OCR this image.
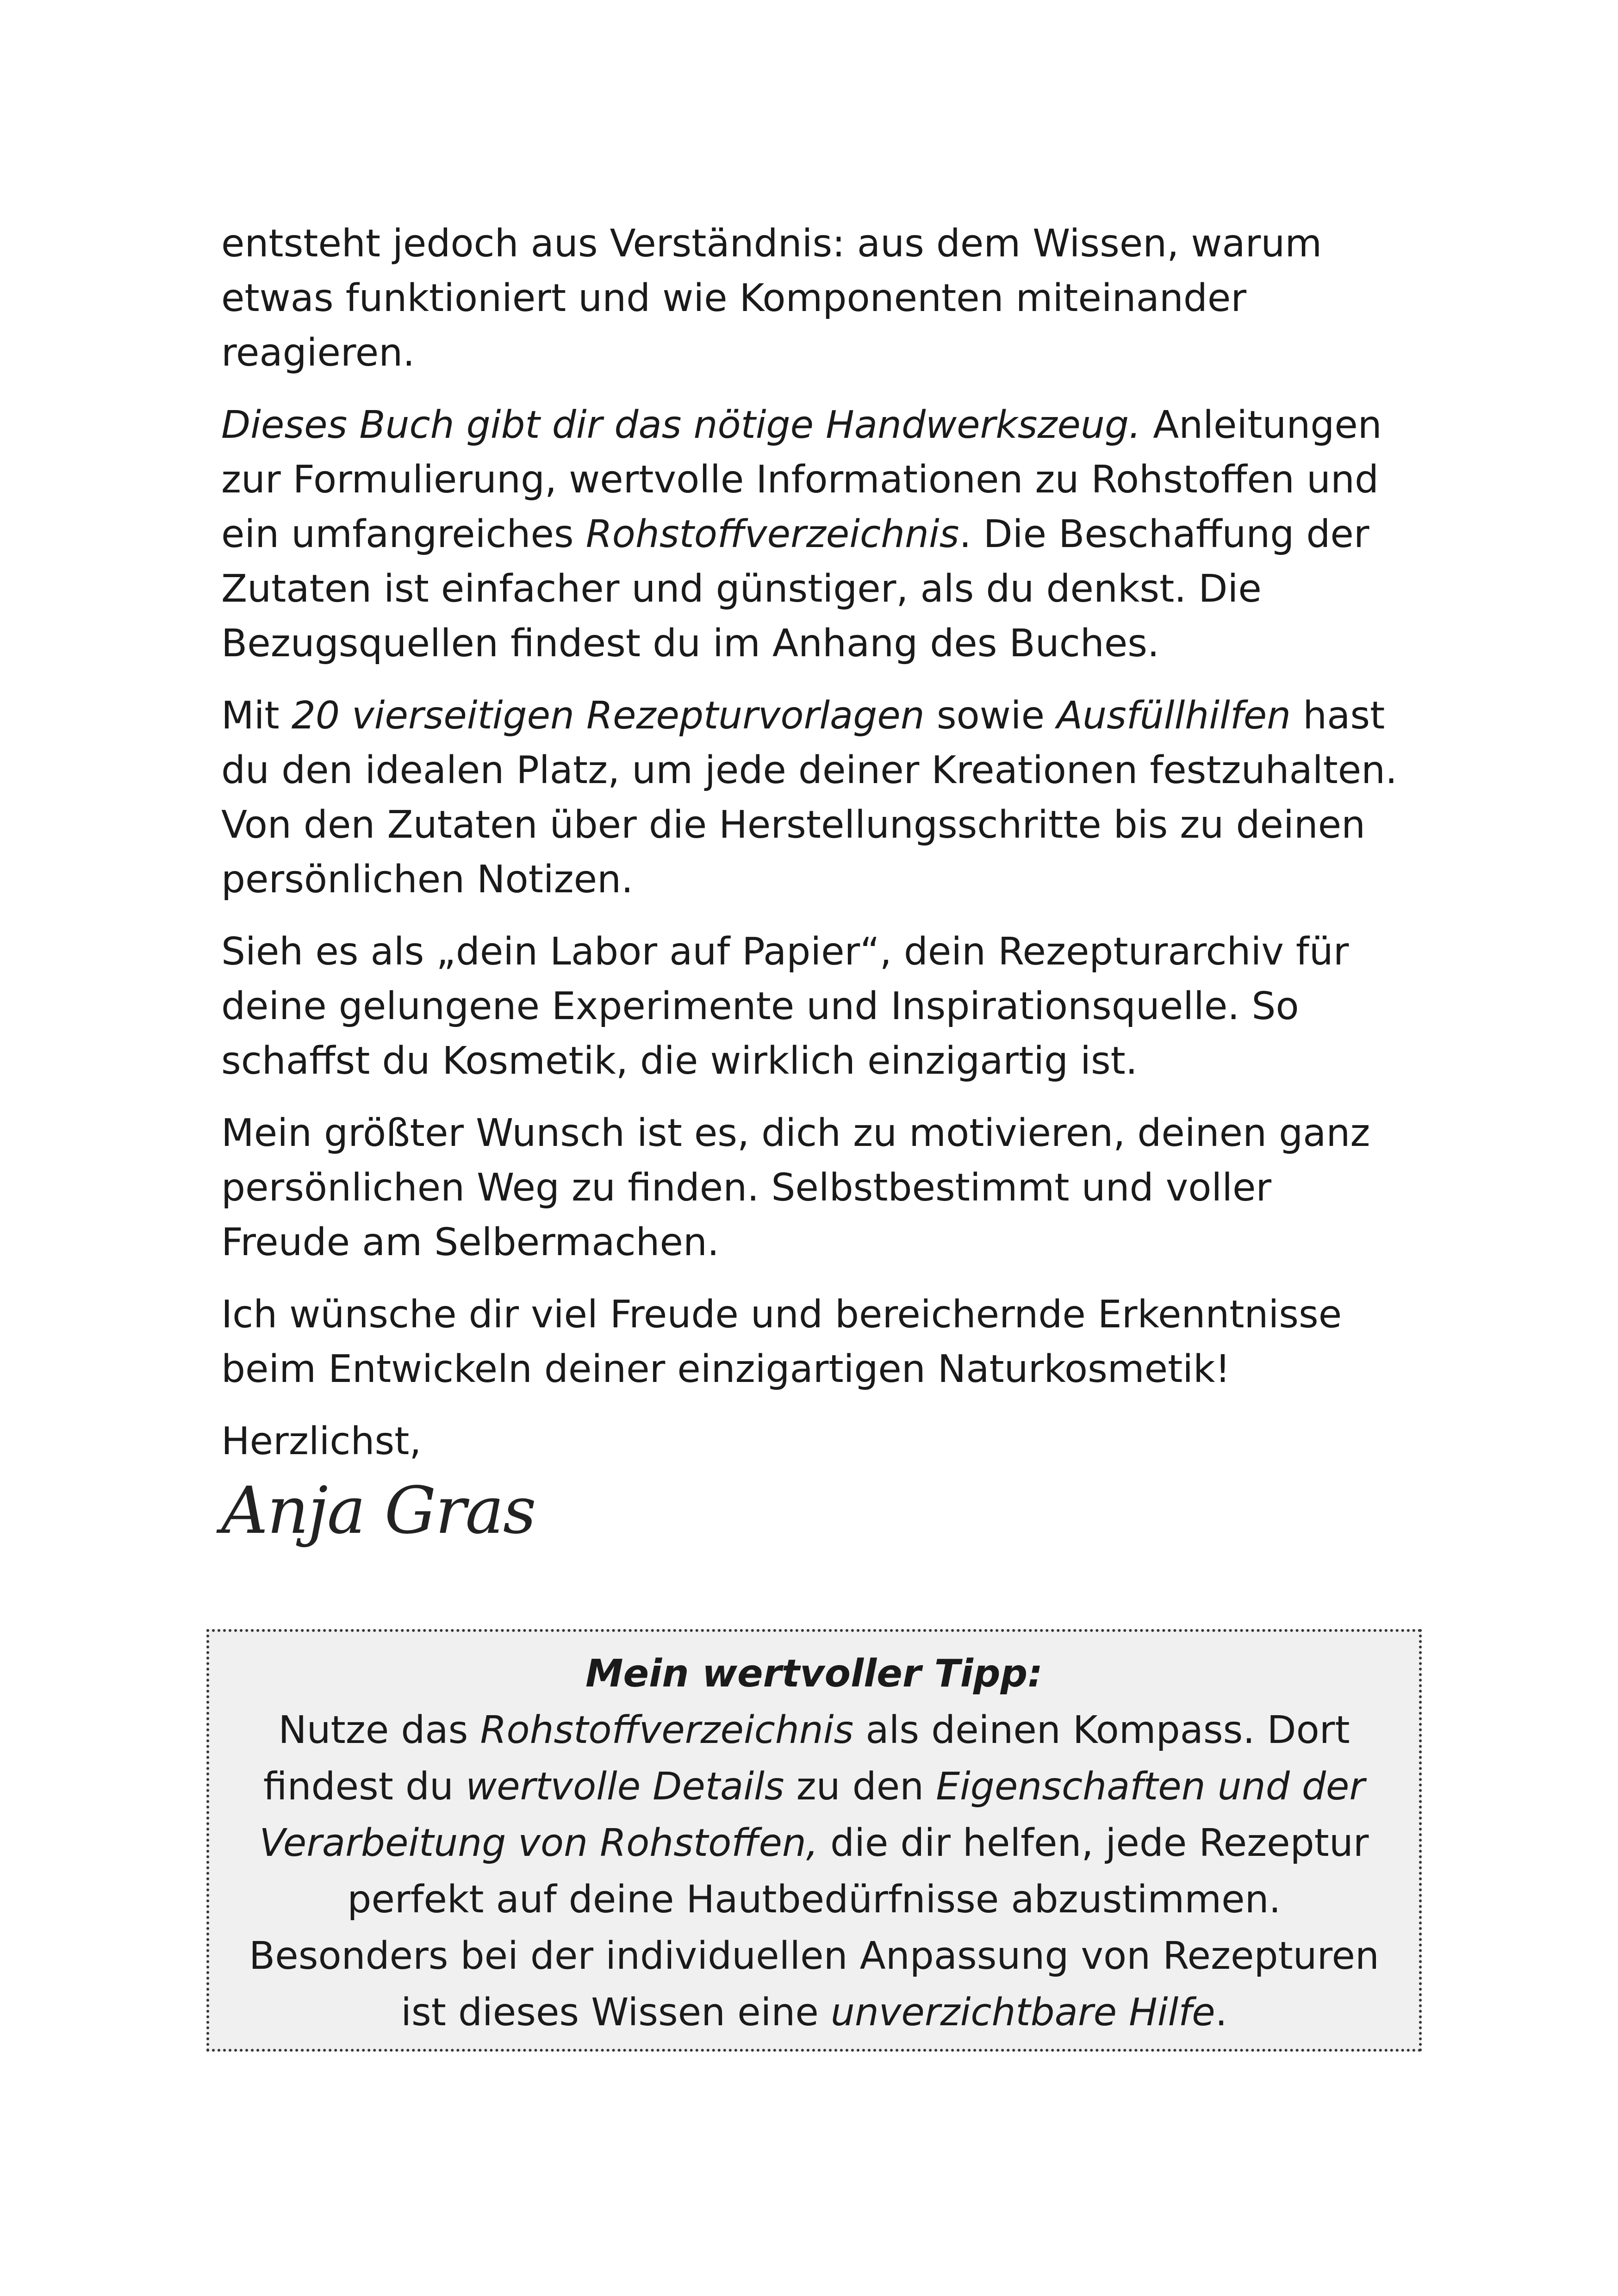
entsteht jedoch aus Verständnis: aus dem Wissen, warum etwas funktioniert und wie Komponenten miteinander reagieren.

Dieses Buch gibt dir das nötige Handwerkszeug. Anleitungen zur Formulierung, wertvolle Informationen zu Rohstoffen und ein umfangreiches Rohstoffverzeichnis. Die Beschaffung der Zutaten ist einfacher und günstiger, als du denkst. Die Bezugsquellen findest du im Anhang des Buches.

Mit 20 vierseitigen Rezepturvorlagen sowie Ausfüllhilfen hast du den idealen Platz, um jede deiner Kreationen festzuhalten. Von den Zutaten über die Herstellungsschritte bis zu deinen persönlichen Notizen.

Sieh es als „dein Labor auf Papier“, dein Rezepturarchiv für deine gelungene Experimente und Inspirationsquelle. So schaffst du Kosmetik, die wirklich einzigartig ist.

Mein größter Wunsch ist es, dich zu motivieren, deinen ganz persönlichen Weg zu finden. Selbstbestimmt und voller Freude am Selbermachen.

Ich wünsche dir viel Freude und bereichernde Erkenntnisse beim Entwickeln deiner einzigartigen Naturkosmetik!

Herzlichst,

Anja Gras
Mein wertvoller Tipp:
Nutze das Rohstoffverzeichnis als deinen Kompass. Dort findest du wertvolle Details zu den Eigenschaften und der Verarbeitung von Rohstoffen, die dir helfen, jede Rezeptur perfekt auf deine Hautbedürfnisse abzustimmen. Besonders bei der individuellen Anpassung von Rezepturen ist dieses Wissen eine unverzichtbare Hilfe.
